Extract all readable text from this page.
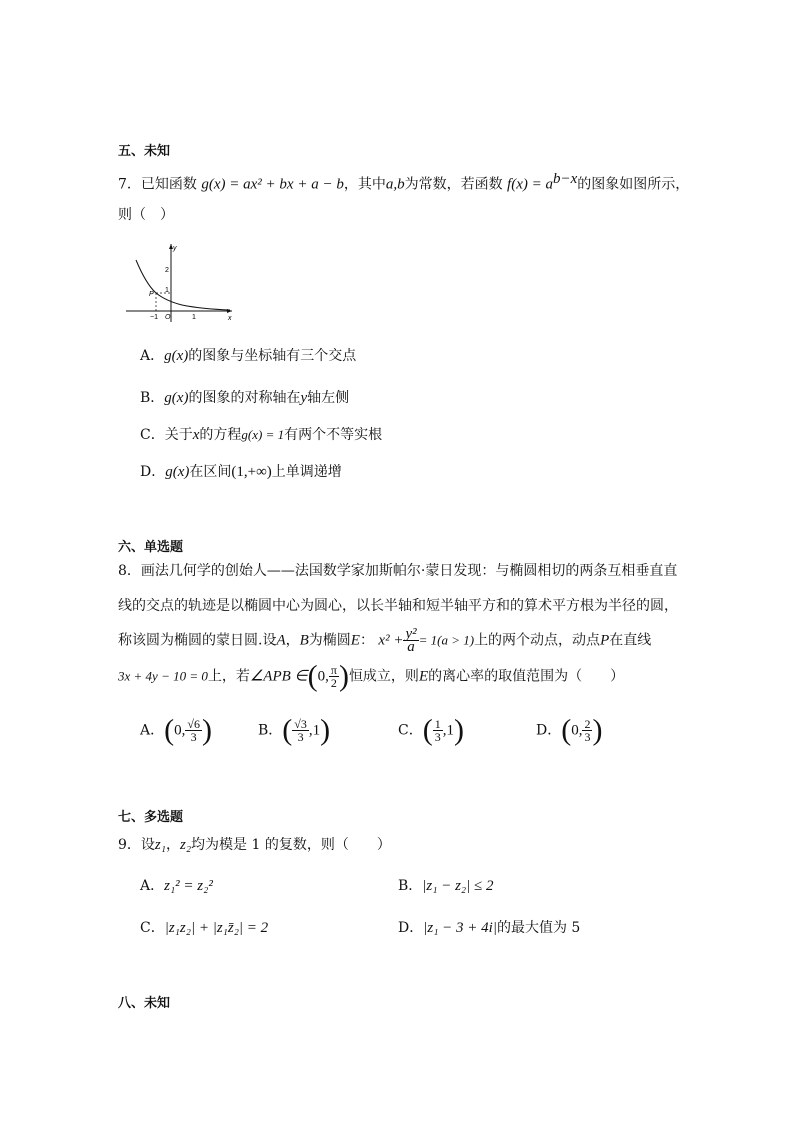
五、未知
7．已知函数 g(x) = ax² + bx + a − b，其中a,b为常数，若函数 $f(x) = a^{b-x}$的图象如图所示，
则（　）
y
x
P
O
2
1
−1	1
A．g(x)的图象与坐标轴有三个交点
B．g(x)的图象的对称轴在y轴左侧
C．关于x的方程g(x) = 1有两个不等实根
D．g(x)在区间(1,+∞)上单调递增
六、单选题
8．画法几何学的创始人——法国数学家加斯帕尔·蒙日发现：与椭圆相切的两条互相垂直直
线的交点的轨迹是以椭圆中心为圆心，以长半轴和短半轴平方和的算术平方根为半径的圆，
称该圆为椭圆的蒙日圆.设A，B为椭圆E： $x^2 + \frac{\text{y²}}{a} = 1(a > 1)$上的两个动点，动点P在直线
3x + 4y − 10 = 0上，若∠APB ∈(0, $\frac{\pi}{2}$ )恒成立，则E的离心率的取值范围为（　　）
A．(0, $\frac{√6}{3}$ )	B．( $\frac{√3}{3} ,1$)	C．( $\frac{1}{3} ,1$)	D．(0, $\frac{2}{3}$ )
七、多选题
9．设z₁，z₂均为模是 1 的复数，则（　　）
A．z₁² = z₂²	B．|z₁ − z₂| ≤ 2
C．|z₁z₂| + |z₁z̄₂| = 2	D．|z₁ − 3 + 4i|的最大值为 5
八、未知
